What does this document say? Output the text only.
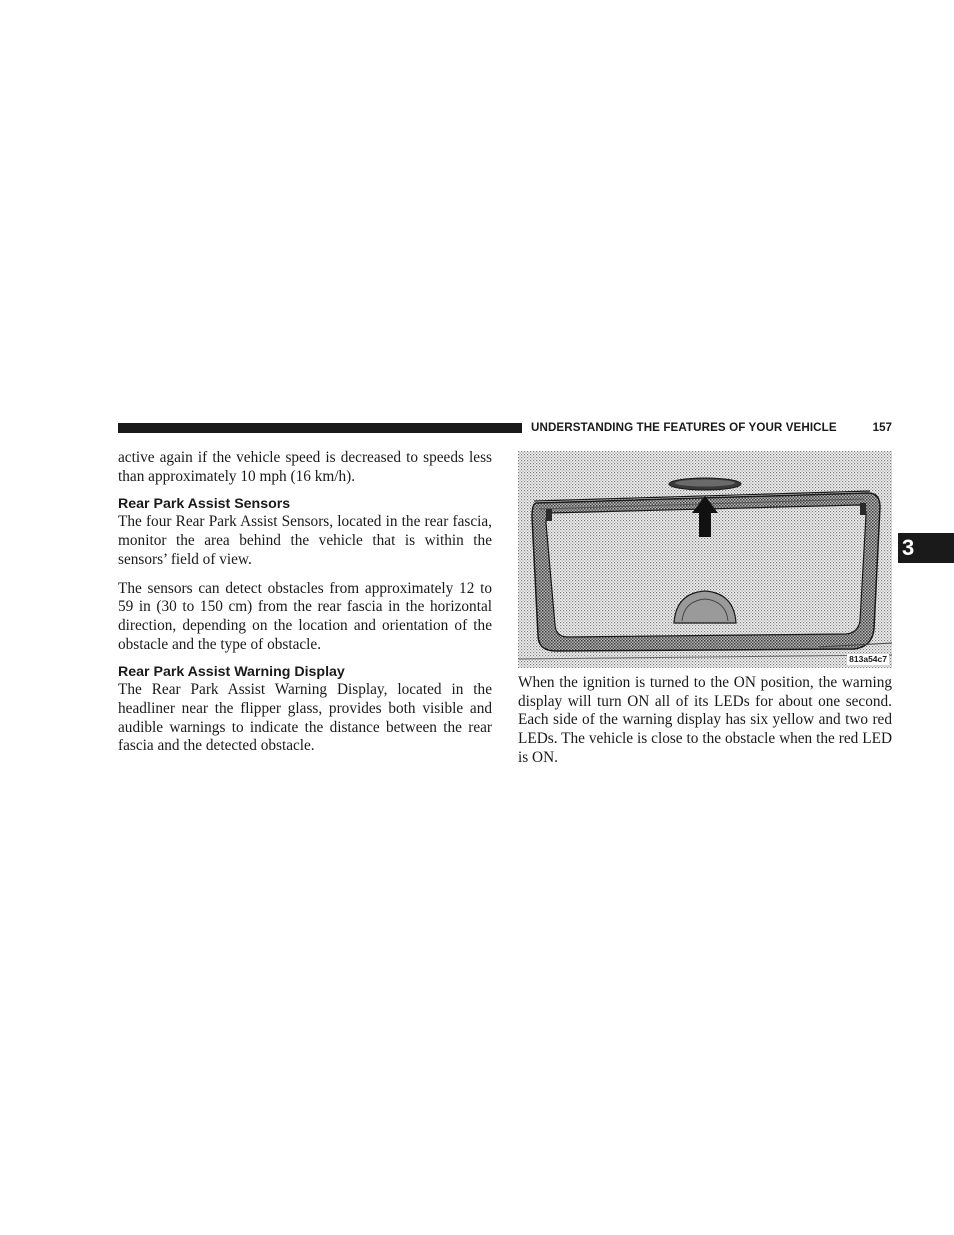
UNDERSTANDING THE FEATURES OF YOUR VEHICLE	157
3

active again if the vehicle speed is decreased to speeds less than approximately 10 mph (16 km/h).

Rear Park Assist Sensors

The four Rear Park Assist Sensors, located in the rear fascia, monitor the area behind the vehicle that is within the sensors’ field of view.

The sensors can detect obstacles from approximately 12 to 59 in (30 to 150 cm) from the rear fascia in the horizontal direction, depending on the location and orientation of the obstacle and the type of obstacle.

Rear Park Assist Warning Display

The Rear Park Assist Warning Display, located in the headliner near the flipper glass, provides both visible and audible warnings to indicate the distance between the rear fascia and the detected obstacle.

813a54c7

When the ignition is turned to the ON position, the warning display will turn ON all of its LEDs for about one second. Each side of the warning display has six yellow and two red LEDs. The vehicle is close to the obstacle when the red LED is ON.
